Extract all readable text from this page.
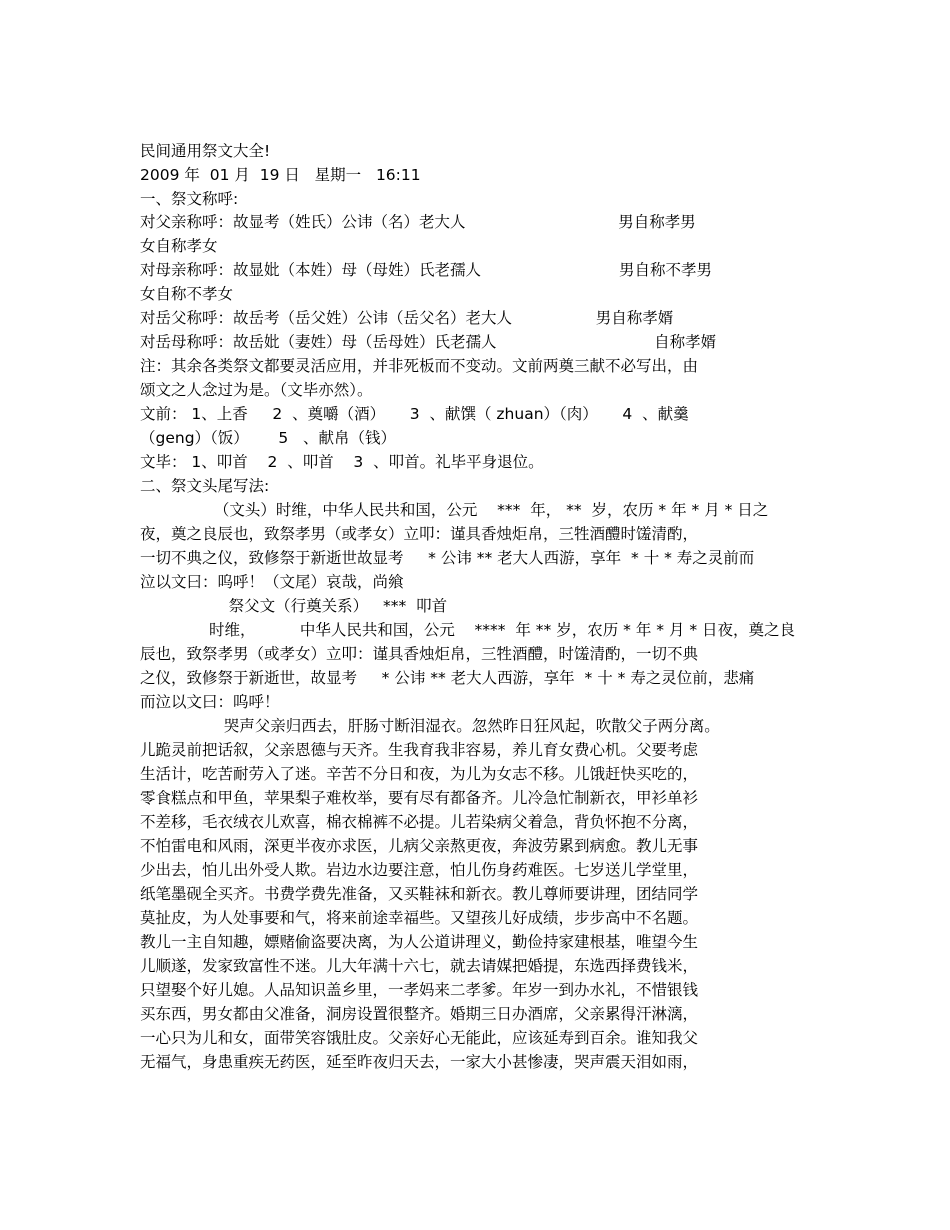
民间通用祭文大全!

2009 年  01 月  19 日   星期一   16:11

一、祭文称呼:

对父亲称呼：故显考（姓氏）公讳（名）老大人                               男自称孝男

女自称孝女

对母亲称呼：故显妣（本姓）母（母姓）氏老孺人                            男自称不孝男

女自称不孝女

对岳父称呼：故岳考（岳父姓）公讳（岳父名）老大人                 男自称孝婿

对岳母称呼：故岳妣（妻姓）母（岳母姓）氏老孺人                                自称孝婿

注：其余各类祭文都要灵活应用，并非死板而不变动。文前两奠三献不必写出，由

颂文之人念过为是。（文毕亦然）。

文前： 1、上香     2  、奠嚼（酒）     3  、献馔（ zhuan）（肉）     4  、献羹

（geng）（饭）      5   、献帛（钱）

文毕： 1、叩首    2  、叩首    3  、叩首。礼毕平身退位。

二、祭文头尾写法:

（文头）时维，中华人民共和国，公元    ***  年， **  岁，农历 * 年 * 月 * 日之

夜，奠之良辰也，致祭孝男（或孝女）立叩：谨具香烛炬帛，三牲酒醴时馐清酌，

一切不典之仪，致修祭于新逝世故显考     * 公讳 ** 老大人西游，享年  * 十 * 寿之灵前而

泣以文曰：呜呼！（文尾）哀哉，尚飨

祭父文（行奠关系）   ***  叩首

时维，         中华人民共和国，公元    ****  年 ** 岁，农历 * 年 * 月 * 日夜，奠之良

辰也，致祭孝男（或孝女）立叩：谨具香烛炬帛，三牲酒醴，时馐清酌，一切不典

之仪，致修祭于新逝世，故显考     * 公讳 ** 老大人西游，享年  * 十 * 寿之灵位前，悲痛

而泣以文曰：呜呼！

哭声父亲归西去，肝肠寸断泪湿衣。忽然昨日狂风起，吹散父子两分离。

儿跪灵前把话叙，父亲恩德与天齐。生我育我非容易，养儿育女费心机。父要考虑

生活计，吃苦耐劳入了迷。辛苦不分日和夜，为儿为女志不移。儿饿赶快买吃的，

零食糕点和甲鱼，苹果梨子难枚举，要有尽有都备齐。儿冷急忙制新衣，甲衫单衫

不差移，毛衣绒衣儿欢喜，棉衣棉裤不必提。儿若染病父着急，背负怀抱不分离，

不怕雷电和风雨，深更半夜亦求医，儿病父亲熬更夜，奔波劳累到病愈。教儿无事

少出去，怕儿出外受人欺。岩边水边要注意，怕儿伤身药难医。七岁送儿学堂里，

纸笔墨砚全买齐。书费学费先准备，又买鞋袜和新衣。教儿尊师要讲理，团结同学

莫扯皮，为人处事要和气，将来前途幸福些。又望孩儿好成绩，步步高中不名题。

教儿一主自知趣，嫖赌偷盗要决离，为人公道讲理义，勤俭持家建根基，唯望今生

儿顺遂，发家致富性不迷。儿大年满十六七，就去请媒把婚提，东选西择费钱米，

只望娶个好儿媳。人品知识盖乡里，一孝妈来二孝爹。年岁一到办水礼，不惜银钱

买东西，男女都由父准备，洞房设置很整齐。婚期三日办酒席，父亲累得汗淋漓，

一心只为儿和女，面带笑容饿肚皮。父亲好心无能此，应该延寿到百余。谁知我父

无福气，身患重疾无药医，延至昨夜归天去，一家大小甚惨凄，哭声震天泪如雨，
